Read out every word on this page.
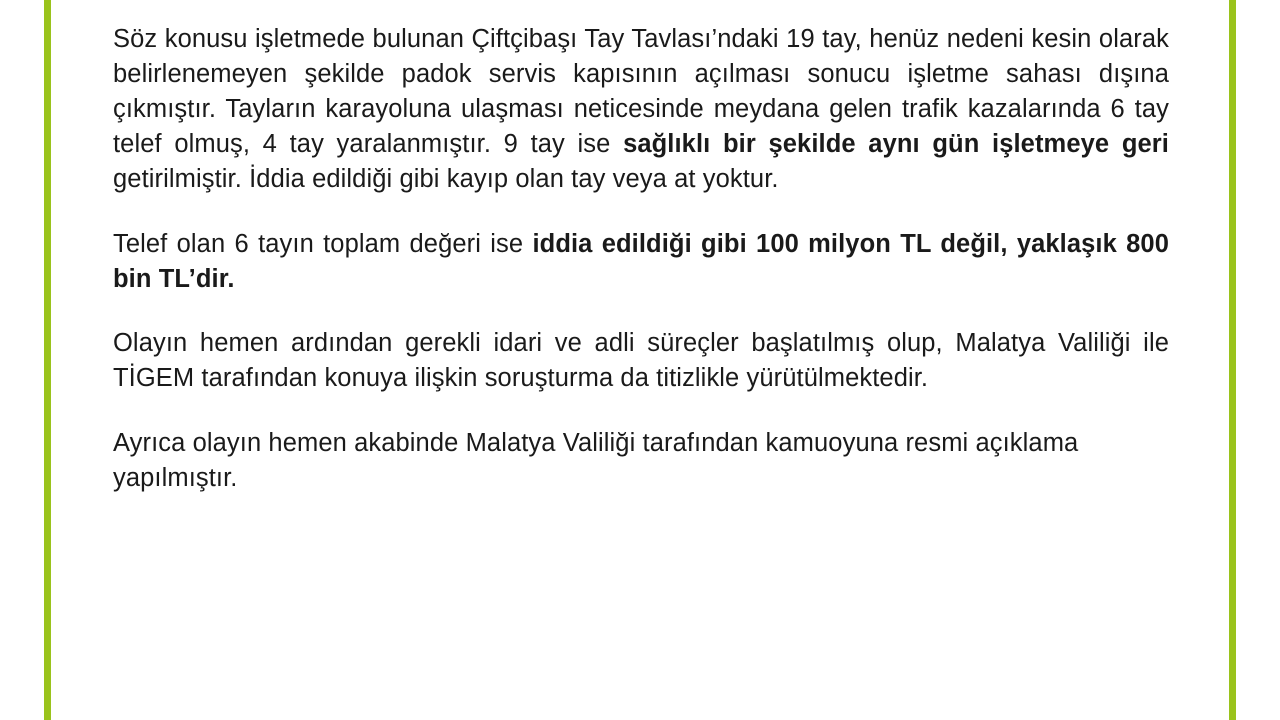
Söz konusu işletmede bulunan Çiftçibaşı Tay Tavlası’ndaki 19 tay, henüz nedeni kesin olarak belirlenemeyen şekilde padok servis kapısının açılması sonucu işletme sahası dışına çıkmıştır. Tayların karayoluna ulaşması neticesinde meydana gelen trafik kazalarında 6 tay telef olmuş, 4 tay yaralanmıştır. 9 tay ise sağlıklı bir şekilde aynı gün işletmeye geri getirilmiştir. İddia edildiği gibi kayıp olan tay veya at yoktur.

Telef olan 6 tayın toplam değeri ise iddia edildiği gibi 100 milyon TL değil, yaklaşık 800 bin TL’dir.

Olayın hemen ardından gerekli idari ve adli süreçler başlatılmış olup, Malatya Valiliği ile TİGEM tarafından konuya ilişkin soruşturma da titizlikle yürütülmektedir.

Ayrıca olayın hemen akabinde Malatya Valiliği tarafından kamuoyuna resmi açıklama yapılmıştır.
